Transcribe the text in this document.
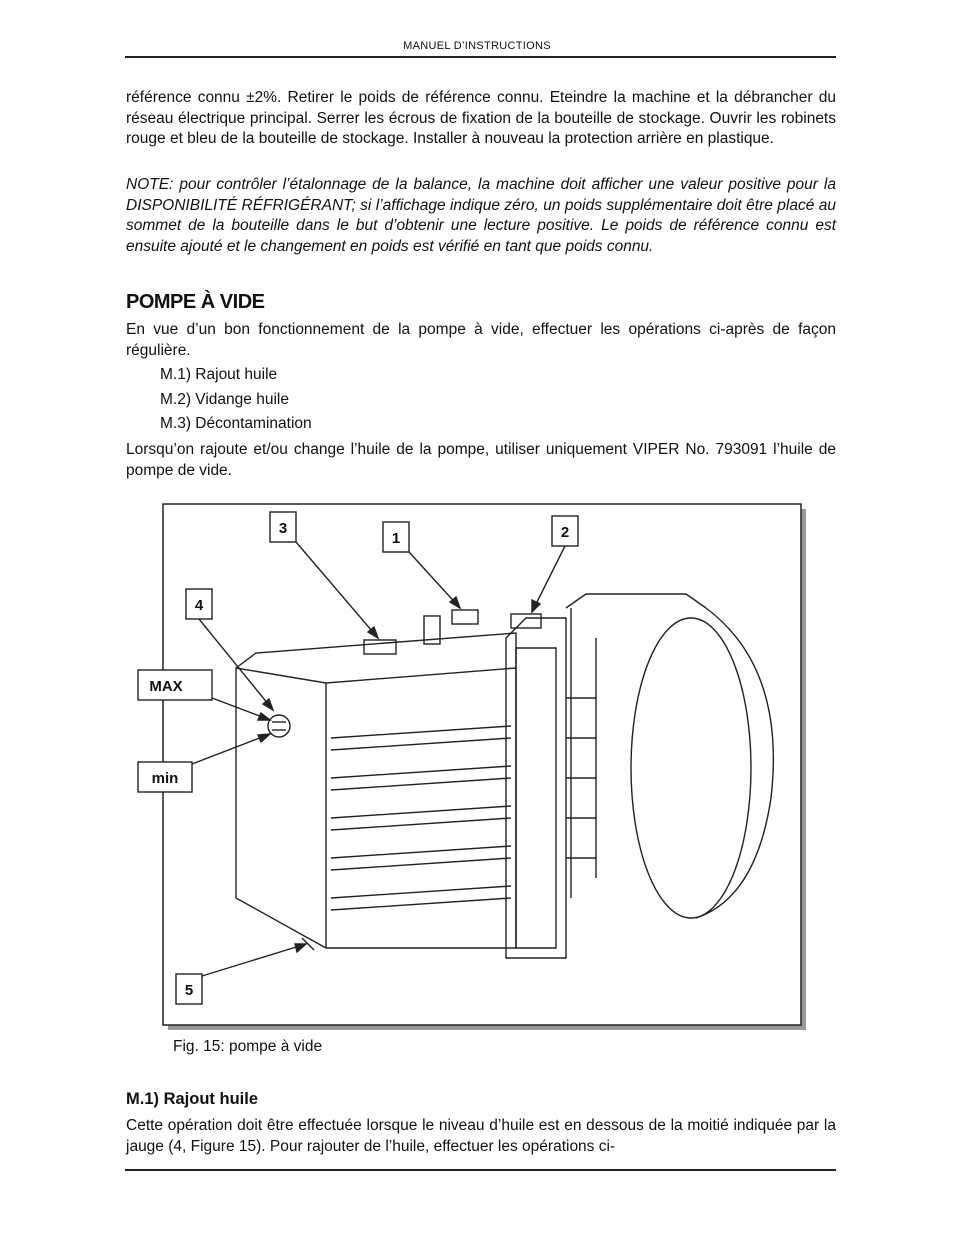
MANUEL D’INSTRUCTIONS

référence connu ±2%. Retirer le poids de référence connu. Eteindre la machine et la débrancher du réseau électrique principal. Serrer les écrous de fixation de la bouteille de stockage. Ouvrir les robinets rouge et bleu de la bouteille de stockage. Installer à nouveau la protection arrière en plastique.

NOTE: pour contrôler l’étalonnage de la balance, la machine doit afficher une valeur positive pour la DISPONIBILITÉ RÉFRIGÉRANT; si l’affichage indique zéro, un poids supplémentaire doit être placé au sommet de la bouteille dans le but d’obtenir une lecture positive. Le poids de référence connu est ensuite ajouté et le changement en poids est vérifié en tant que poids connu.

POMPE À VIDE

En vue d’un bon fonctionnement de la pompe à vide, effectuer les opérations ci-après de façon régulière.

M.1) Rajout huile
M.2) Vidange huile
M.3) Décontamination

Lorsqu’on rajoute et/ou change l’huile de la pompe, utiliser uniquement VIPER No. 793091 l’huile de pompe de vide.

3
1	2
4
MAX
min
5
Fig. 15: pompe à vide
M.1) Rajout huile

Cette opération doit être effectuée lorsque le niveau d’huile est en dessous de la moitié indiquée par la jauge (4, Figure 15). Pour rajouter de l’huile, effectuer les opérations ci-
